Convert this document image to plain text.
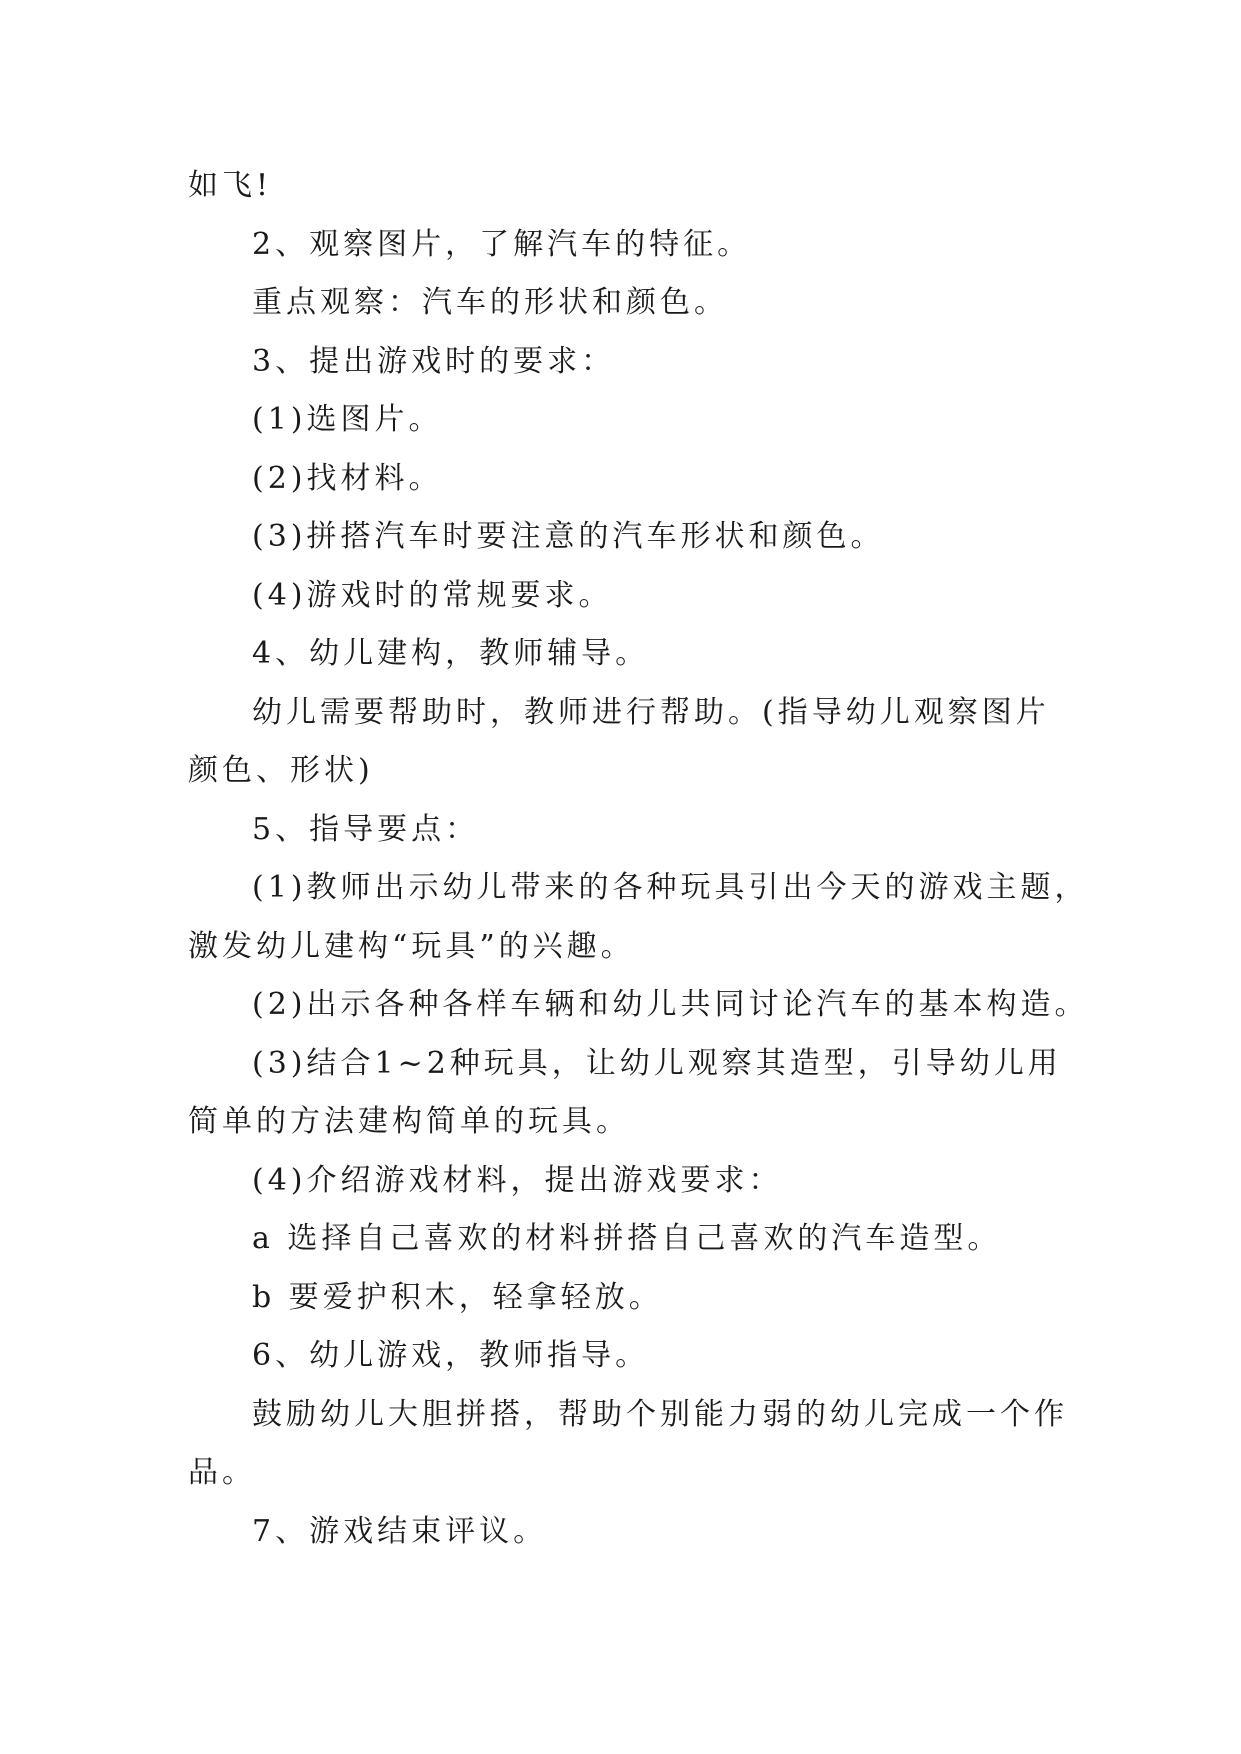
如飞!
2、观察图片，了解汽车的特征。
重点观察：汽车的形状和颜色。
3、提出游戏时的要求：
(1)选图片。
(2)找材料。
(3)拼搭汽车时要注意的汽车形状和颜色。
(4)游戏时的常规要求。
4、幼儿建构，教师辅导。
幼儿需要帮助时，教师进行帮助。(指导幼儿观察图片
颜色、形状)
5、指导要点：
(1)教师出示幼儿带来的各种玩具引出今天的游戏主题，
激发幼儿建构“玩具”的兴趣。
(2)出示各种各样车辆和幼儿共同讨论汽车的基本构造。
(3)结合1~2种玩具，让幼儿观察其造型，引导幼儿用
简单的方法建构简单的玩具。
(4)介绍游戏材料，提出游戏要求：
a 选择自己喜欢的材料拼搭自己喜欢的汽车造型。
b 要爱护积木，轻拿轻放。
6、幼儿游戏，教师指导。
鼓励幼儿大胆拼搭，帮助个别能力弱的幼儿完成一个作
品。
7、游戏结束评议。
